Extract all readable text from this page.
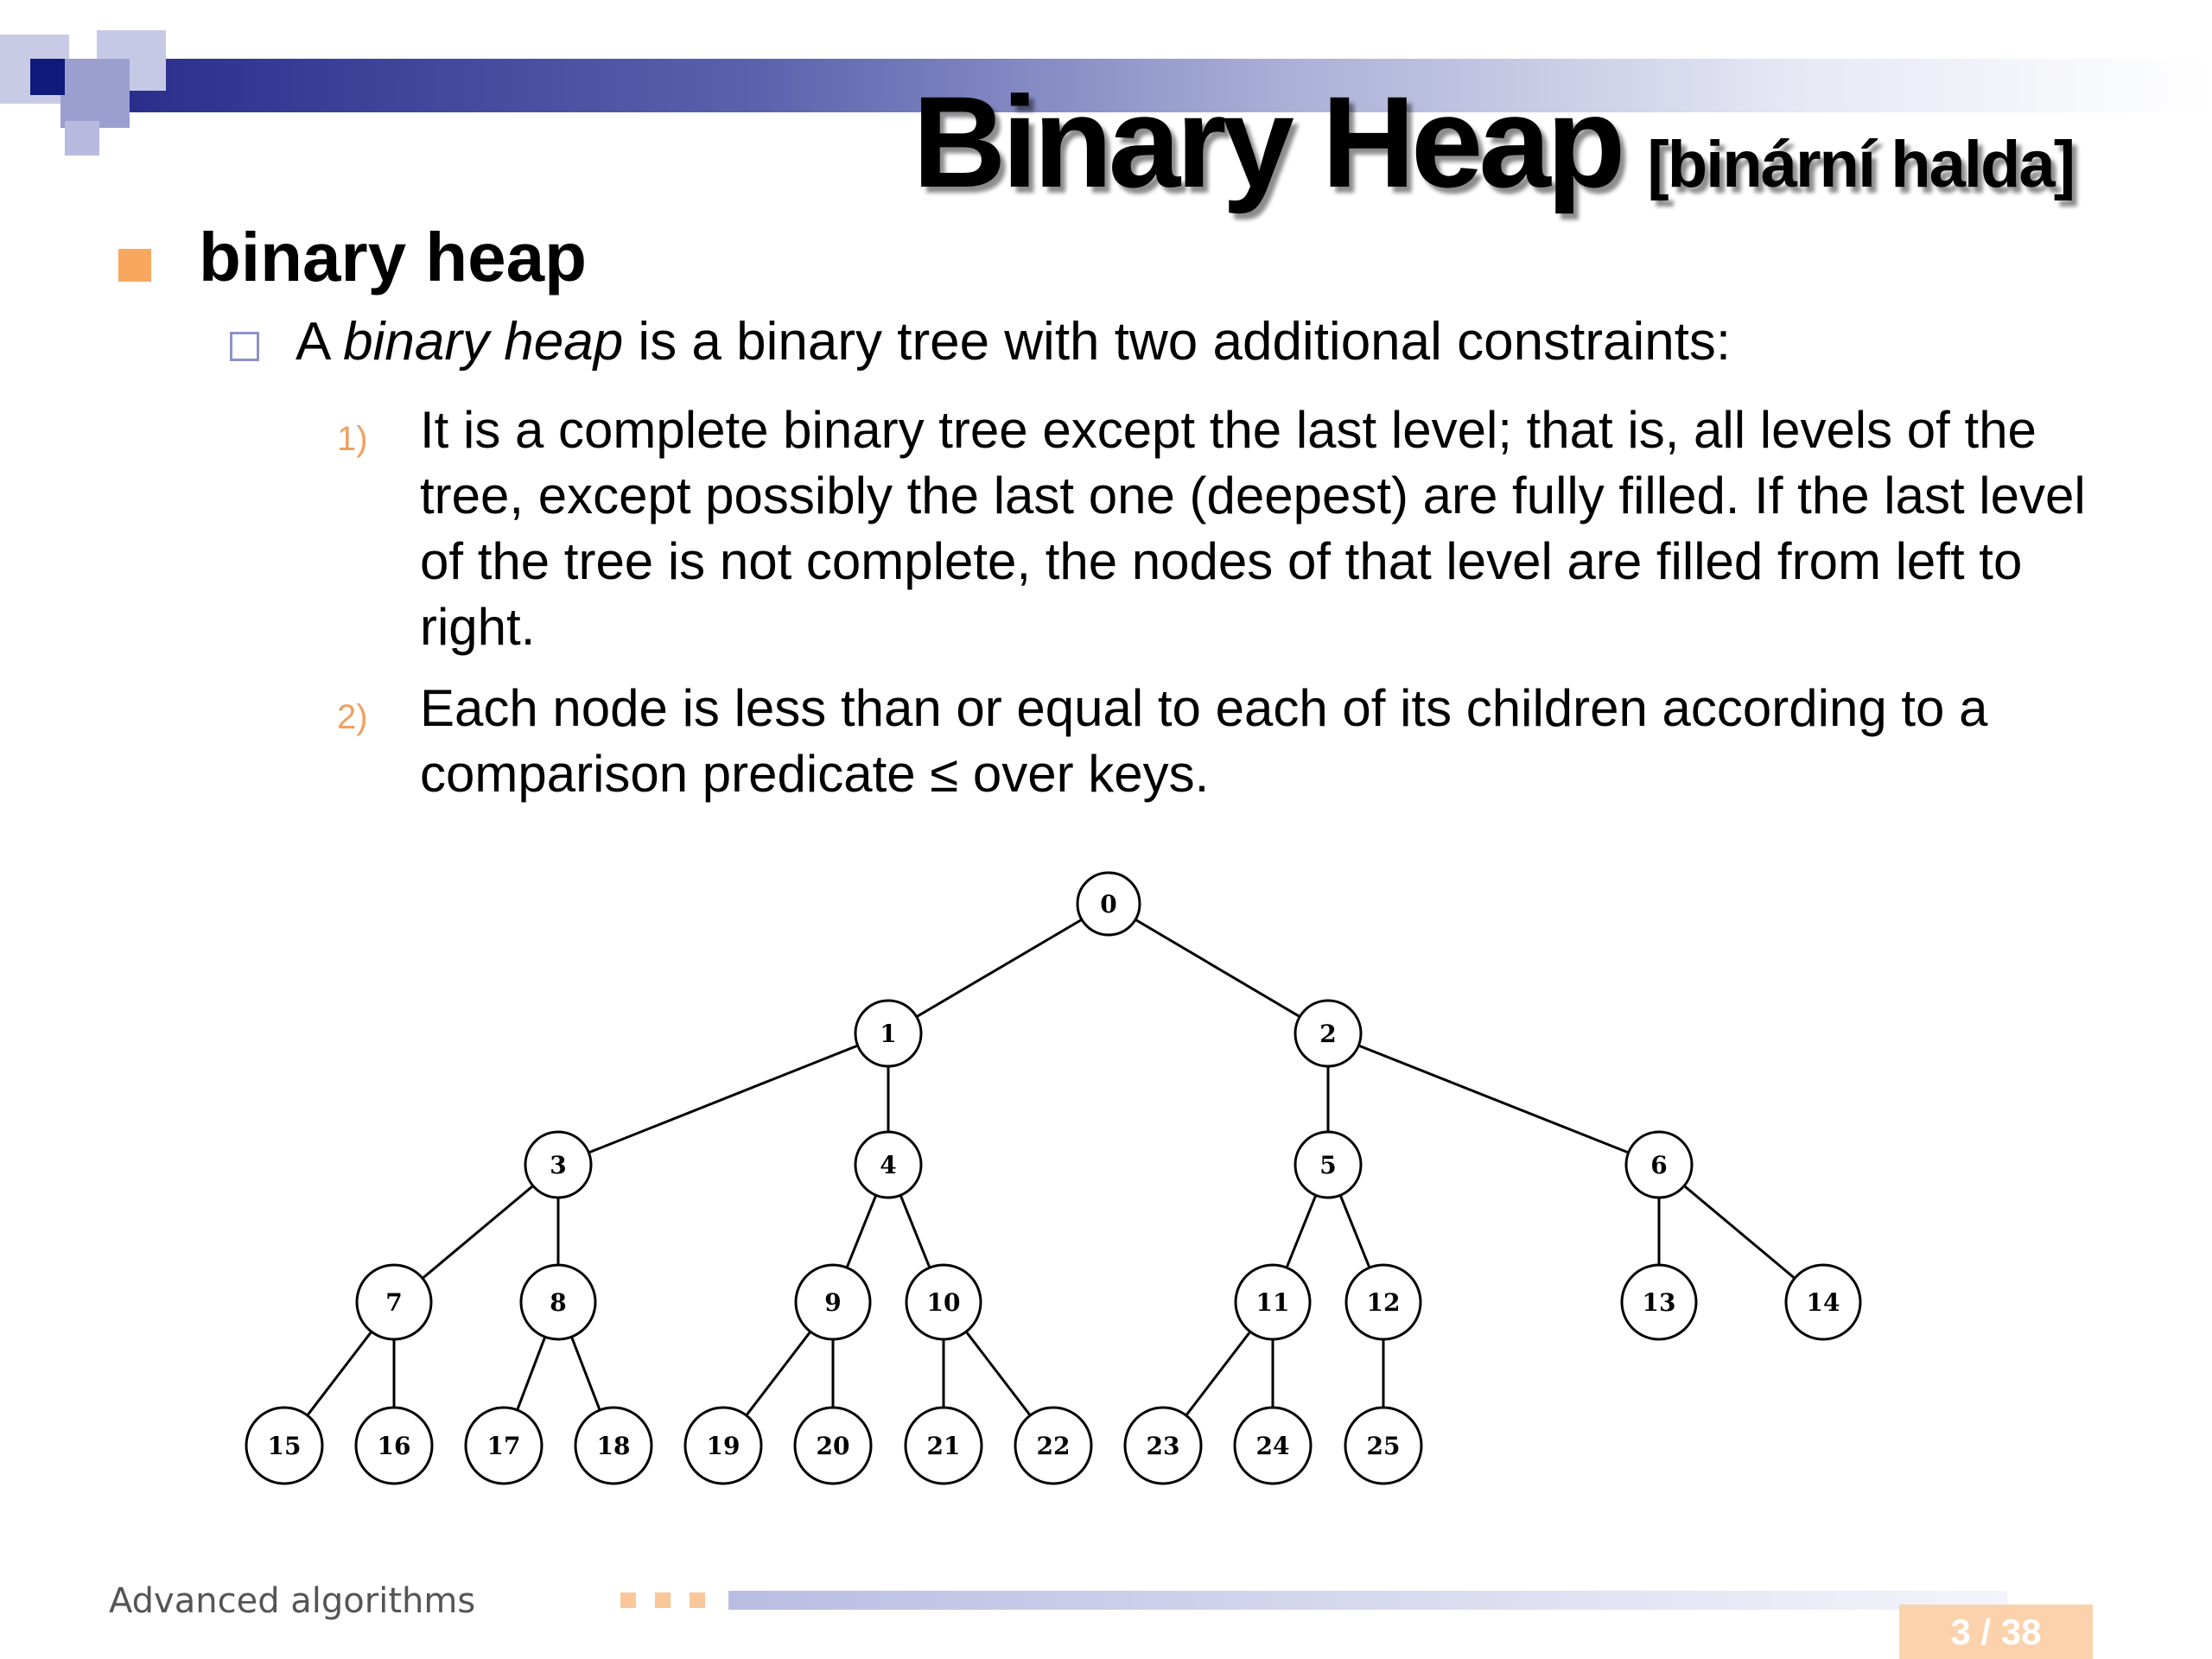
Binary Heap [binární halda]
binary heap
A binary heap is a binary tree with two additional constraints:
1) It is a complete binary tree except the last level; that is, all levels of the tree, except possibly the last one (deepest) are fully filled. If the last level of the tree is not complete, the nodes of that level are filled from left to right.
2) Each node is less than or equal to each of its children according to a comparison predicate ≤ over keys.
0
1	2
3	4	5	6
7	8	9	10	11	12	13	14
15	16	17	18	19	20	21	22	23	24	25
Advanced algorithms
3 / 38
